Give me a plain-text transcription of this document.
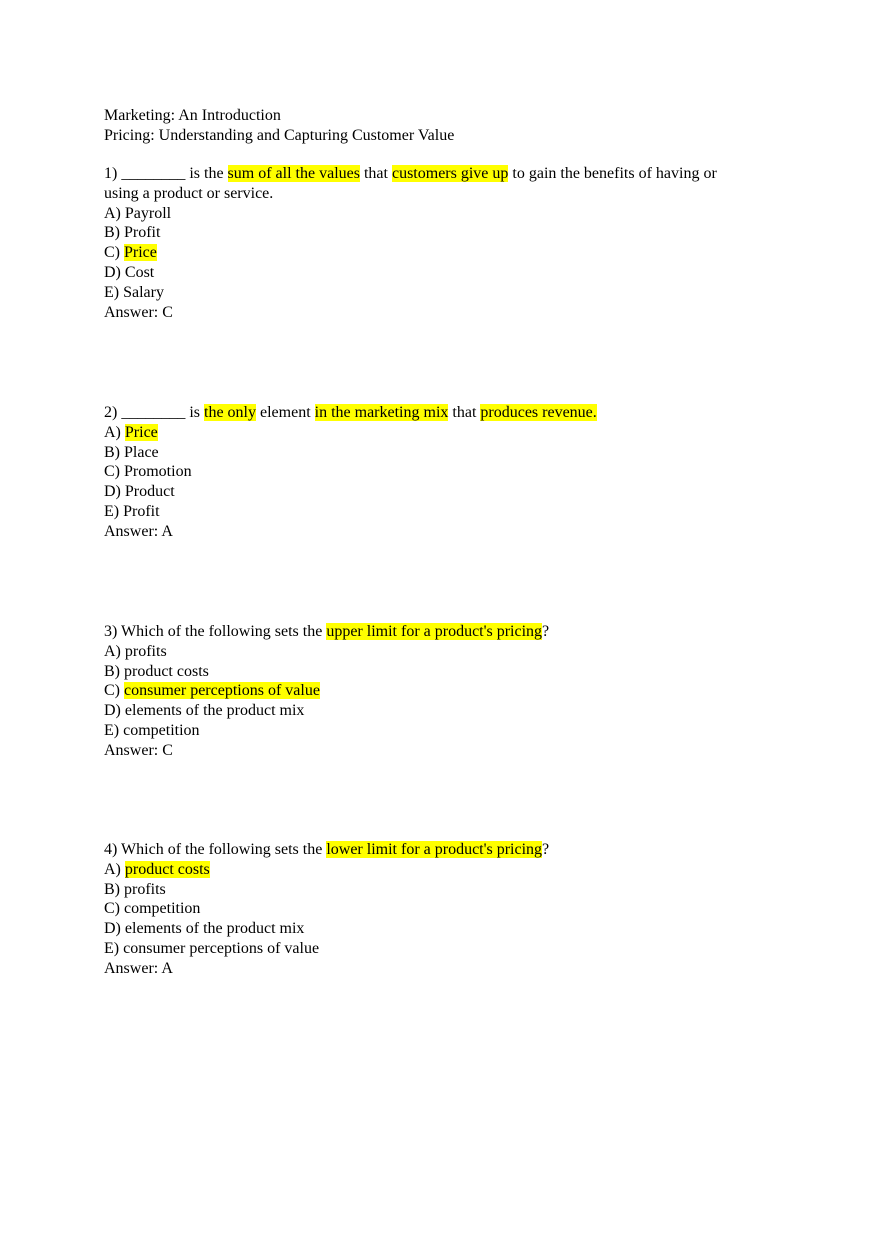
Marketing: An Introduction
Pricing: Understanding and Capturing Customer Value
1) ________ is the sum of all the values that customers give up to gain the benefits of having or
using a product or service.
A) Payroll
B) Profit
C) Price
D) Cost
E) Salary
Answer: C
2) ________ is the only element in the marketing mix that produces revenue.
A) Price
B) Place
C) Promotion
D) Product
E) Profit
Answer: A
3) Which of the following sets the upper limit for a product's pricing?
A) profits
B) product costs
C) consumer perceptions of value
D) elements of the product mix
E) competition
Answer: C
4) Which of the following sets the lower limit for a product's pricing?
A) product costs
B) profits
C) competition
D) elements of the product mix
E) consumer perceptions of value
Answer: A
